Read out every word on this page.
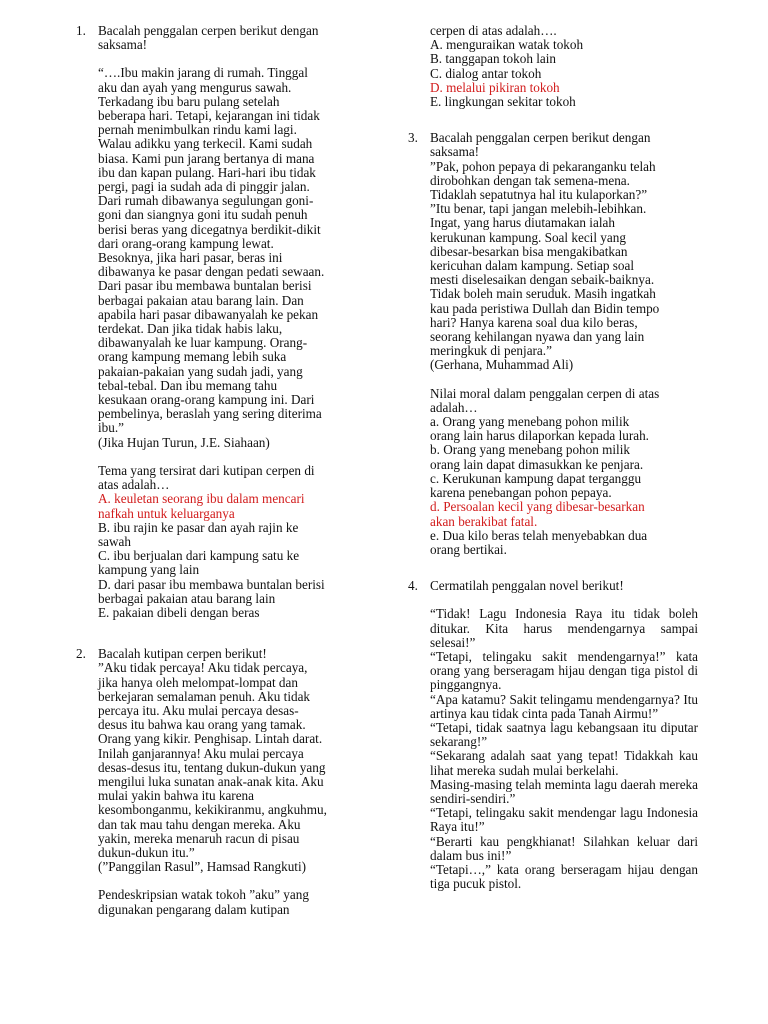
1. Bacalah penggalan cerpen berikut dengan
saksama!

“….Ibu makin jarang di rumah. Tinggal
aku dan ayah yang mengurus sawah.
Terkadang ibu baru pulang setelah
beberapa hari. Tetapi, kejarangan ini tidak
pernah menimbulkan rindu kami lagi.
Walau adikku yang terkecil. Kami sudah
biasa. Kami pun jarang bertanya di mana
ibu dan kapan pulang. Hari-hari ibu tidak
pergi, pagi ia sudah ada di pinggir jalan.
Dari rumah dibawanya segulungan goni-
goni dan siangnya goni itu sudah penuh
berisi beras yang dicegatnya berdikit-dikit
dari orang-orang kampung lewat.
Besoknya, jika hari pasar, beras ini
dibawanya ke pasar dengan pedati sewaan.
Dari pasar ibu membawa buntalan berisi
berbagai pakaian atau barang lain. Dan
apabila hari pasar dibawanyalah ke pekan
terdekat. Dan jika tidak habis laku,
dibawanyalah ke luar kampung. Orang-
orang kampung memang lebih suka
pakaian-pakaian yang sudah jadi, yang
tebal-tebal. Dan ibu memang tahu
kesukaan orang-orang kampung ini. Dari
pembelinya, beraslah yang sering diterima
ibu.”

(Jika Hujan Turun, J.E. Siahaan)

Tema yang tersirat dari kutipan cerpen di
atas adalah…

A. keuletan seorang ibu dalam mencari
nafkah untuk keluarganya

B. ibu rajin ke pasar dan ayah rajin ke
sawah

C. ibu berjualan dari kampung satu ke
kampung yang lain

D. dari pasar ibu membawa buntalan berisi
berbagai pakaian atau barang lain

E. pakaian dibeli dengan beras

2. Bacalah kutipan cerpen berikut!

”Aku tidak percaya! Aku tidak percaya,
jika hanya oleh melompat-lompat dan
berkejaran semalaman penuh. Aku tidak
percaya itu. Aku mulai percaya desas-
desus itu bahwa kau orang yang tamak.
Orang yang kikir. Penghisap. Lintah darat.
Inilah ganjarannya! Aku mulai percaya
desas-desus itu, tentang dukun-dukun yang
mengilui luka sunatan anak-anak kita. Aku
mulai yakin bahwa itu karena
kesombonganmu, kekikiranmu, angkuhmu,
dan tak mau tahu dengan mereka. Aku
yakin, mereka menaruh racun di pisau
dukun-dukun itu.”

(”Panggilan Rasul”, Hamsad Rangkuti)

Pendeskripsian watak tokoh ”aku” yang
digunakan pengarang dalam kutipan

cerpen di atas adalah….

A. menguraikan watak tokoh

B. tanggapan tokoh lain

C. dialog antar tokoh

D. melalui pikiran tokoh

E. lingkungan sekitar tokoh

3. Bacalah penggalan cerpen berikut dengan
saksama!

”Pak, pohon pepaya di pekaranganku telah
dirobohkan dengan tak semena-mena.
Tidaklah sepatutnya hal itu kulaporkan?”
”Itu benar, tapi jangan melebih-lebihkan.
Ingat, yang harus diutamakan ialah
kerukunan kampung. Soal kecil yang
dibesar-besarkan bisa mengakibatkan
kericuhan dalam kampung. Setiap soal
mesti diselesaikan dengan sebaik-baiknya.
Tidak boleh main seruduk. Masih ingatkah
kau pada peristiwa Dullah dan Bidin tempo
hari? Hanya karena soal dua kilo beras,
seorang kehilangan nyawa dan yang lain
meringkuk di penjara.”

(Gerhana, Muhammad Ali)

Nilai moral dalam penggalan cerpen di atas
adalah…

a. Orang yang menebang pohon milik
orang lain harus dilaporkan kepada lurah.

b. Orang yang menebang pohon milik
orang lain dapat dimasukkan ke penjara.

c. Kerukunan kampung dapat terganggu
karena penebangan pohon pepaya.

d. Persoalan kecil yang dibesar-besarkan
akan berakibat fatal.

e. Dua kilo beras telah menyebabkan dua
orang bertikai.

4. Cermatilah penggalan novel berikut!

“Tidak! Lagu Indonesia Raya itu tidak boleh ditukar. Kita harus mendengarnya sampai selesai!”

“Tetapi, telingaku sakit mendengarnya!” kata orang yang berseragam hijau dengan tiga pistol di pinggangnya.

“Apa katamu? Sakit telingamu mendengarnya? Itu artinya kau tidak cinta pada Tanah Airmu!”

“Tetapi, tidak saatnya lagu kebangsaan itu diputar sekarang!”

“Sekarang adalah saat yang tepat! Tidakkah kau lihat mereka sudah mulai berkelahi.

Masing-masing telah meminta lagu daerah mereka sendiri-sendiri.”

“Tetapi, telingaku sakit mendengar lagu Indonesia Raya itu!”

“Berarti kau pengkhianat! Silahkan keluar dari dalam bus ini!”

“Tetapi…,” kata orang berseragam hijau dengan tiga pucuk pistol.
